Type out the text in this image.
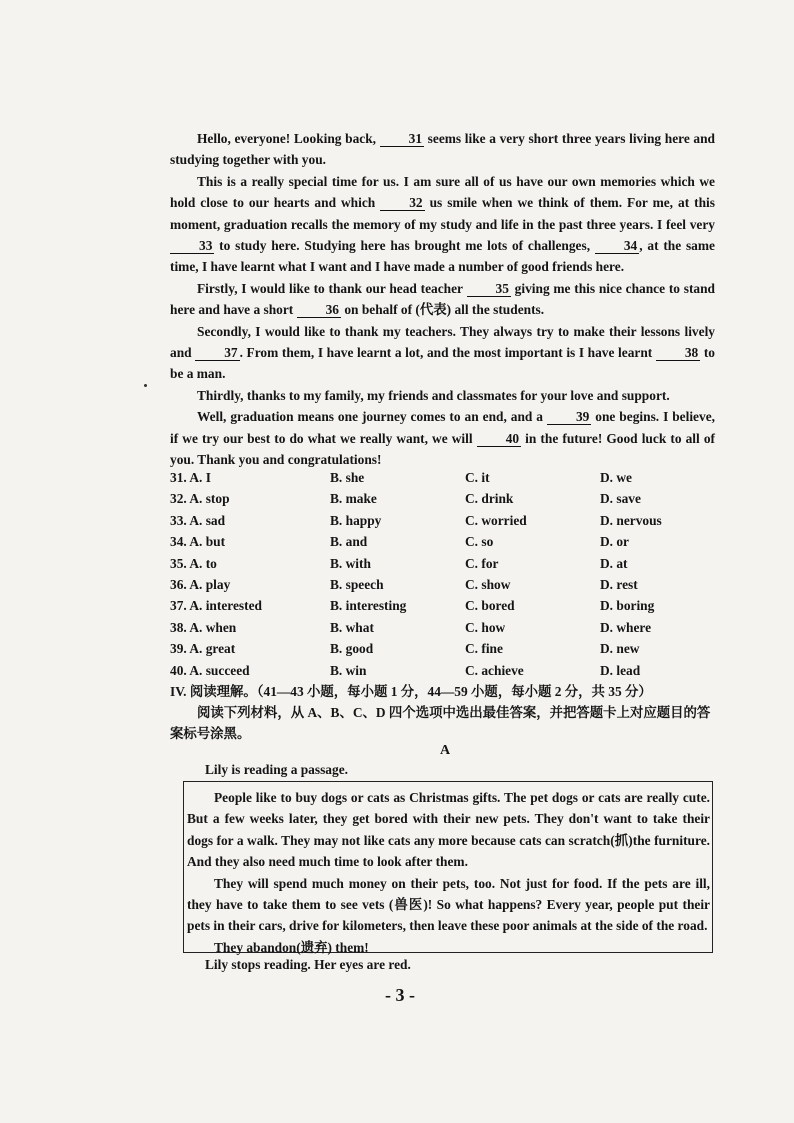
Hello, everyone! Looking back, 31 seems like a very short three years living here and studying together with you.

This is a really special time for us. I am sure all of us have our own memories which we hold close to our hearts and which 32 us smile when we think of them. For me, at this moment, graduation recalls the memory of my study and life in the past three years. I feel very 33 to study here. Studying here has brought me lots of challenges, 34 , at the same time, I have learnt what I want and I have made a number of good friends here.

Firstly, I would like to thank our head teacher 35 giving me this nice chance to stand here and have a short 36 on behalf of (代表) all the students.

Secondly, I would like to thank my teachers. They always try to make their lessons lively and 37 . From them, I have learnt a lot, and the most important is I have learnt 38 to be a man.

Thirdly, thanks to my family, my friends and classmates for your love and support.

Well, graduation means one journey comes to an end, and a 39 one begins. I believe, if we try our best to do what we really want, we will 40 in the future! Good luck to all of you. Thank you and congratulations!

31. A. I	B. she	C. it	D. we
32. A. stop	B. make	C. drink	D. save
33. A. sad	B. happy	C. worried	D. nervous
34. A. but	B. and	C. so	D. or
35. A. to	B. with	C. for	D. at
36. A. play	B. speech	C. show	D. rest
37. A. interested	B. interesting	C. bored	D. boring
38. A. when	B. what	C. how	D. where
39. A. great	B. good	C. fine	D. new
40. A. succeed	B. win	C. achieve	D. lead

IV. 阅读理解。（41—43 小题，每小题 1 分，44—59 小题，每小题 2 分，共 35 分）

阅读下列材料，从 A、B、C、D 四个选项中选出最佳答案，并把答题卡上对应题目的答案标号涂黑。

A
Lily is reading a passage.

People like to buy dogs or cats as Christmas gifts. The pet dogs or cats are really cute. But a few weeks later, they get bored with their new pets. They don't want to take their dogs for a walk. They may not like cats any more because cats can scratch(抓)the furniture. And they also need much time to look after them.

They will spend much money on their pets, too. Not just for food. If the pets are ill, they have to take them to see vets (兽医)! So what happens? Every year, people put their pets in their cars, drive for kilometers, then leave these poor animals at the side of the road.

They abandon(遗弃) them!

Lily stops reading. Her eyes are red.
- 3 -
